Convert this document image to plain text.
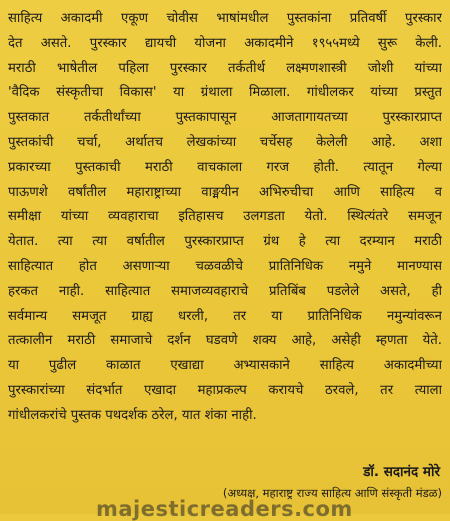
साहित्य अकादमी एकूण चोवीस भाषांमधील पुस्तकांना प्रतिवर्षी पुरस्कार
देत असते. पुरस्कार द्यायची योजना अकादमीने १९५५मध्ये सुरू केली.
मराठी भाषेतील पहिला पुरस्कार तर्कतीर्थ लक्ष्मणशास्त्री जोशी यांच्या
'वैदिक संस्कृतीचा विकास' या ग्रंथाला मिळाला. गांधीलकर यांच्या प्रस्तुत
पुस्तकात तर्कतीर्थांच्या पुस्तकापासून आजतागायतच्या पुरस्कारप्राप्त
पुस्तकांची चर्चा, अर्थातच लेखकांच्या चर्चेसह केलेली आहे. अशा
प्रकारच्या पुस्तकाची मराठी वाचकाला गरज होती. त्यातून गेल्या
पाऊणशे वर्षांतील महाराष्ट्राच्या वाङ्मयीन अभिरुचीचा आणि साहित्य व
समीक्षा यांच्या व्यवहाराचा इतिहासच उलगडता येतो. स्थित्यंतरे समजून
येतात. त्या त्या वर्षातील पुरस्कारप्राप्त ग्रंथ हे त्या दरम्यान मराठी
साहित्यात होत असणाऱ्या चळवळीचे प्रातिनिधिक नमुने मानण्यास
हरकत नाही. साहित्यात समाजव्यवहाराचे प्रतिबिंब पडलेले असते, ही
सर्वमान्य समजूत ग्राह्य धरली, तर या प्रातिनिधिक नमुन्यांवरून
तत्कालीन मराठी समाजाचे दर्शन घडवणे शक्य आहे, असेही म्हणता येते.
या पुढील काळात एखाद्या अभ्यासकाने साहित्य अकादमीच्या
पुरस्कारांच्या संदर्भात एखादा महाप्रकल्प करायचे ठरवले, तर त्याला
गांधीलकरांचे पुस्तक पथदर्शक ठरेल, यात शंका नाही.
डॉ. सदानंद मोरे
(अध्यक्ष, महाराष्ट्र राज्य साहित्य आणि संस्कृती मंडळ)
majesticreaders.com
